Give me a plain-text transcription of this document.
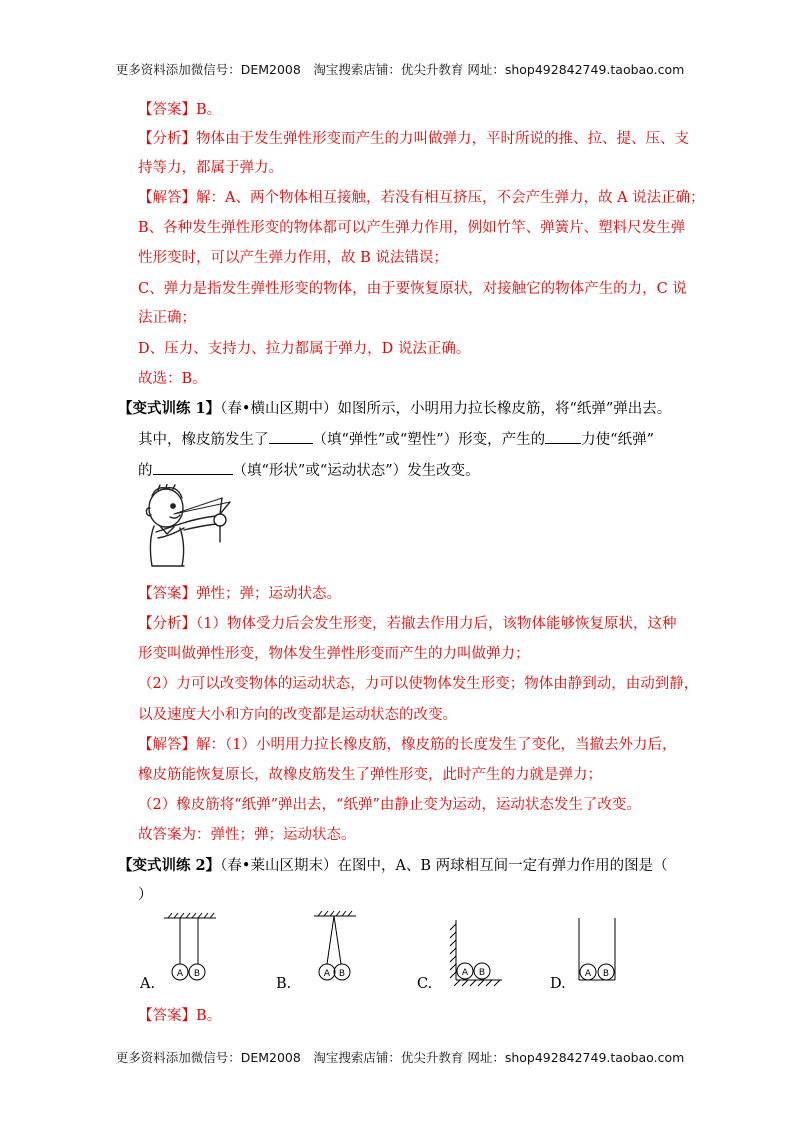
更多资料添加微信号：DEM2008　淘宝搜索店铺：优尖升教育 网址：shop492842749.taobao.com
【答案】B。
【分析】物体由于发生弹性形变而产生的力叫做弹力，平时所说的推、拉、提、压、支
持等力，都属于弹力。
【解答】解：A、两个物体相互接触，若没有相互挤压，不会产生弹力，故 A 说法正确；
B、各种发生弹性形变的物体都可以产生弹力作用，例如竹竿、弹簧片、塑料尺发生弹
性形变时，可以产生弹力作用，故 B 说法错误；
C、弹力是指发生弹性形变的物体，由于要恢复原状，对接触它的物体产生的力，C 说
法正确；
D、压力、支持力、拉力都属于弹力，D 说法正确。
故选：B。
【变式训练 1】（春•横山区期中）如图所示，小明用力拉长橡皮筋，将“纸弹”弹出去。
其中，橡皮筋发生了	（填“弹性”或“塑性”）形变，产生的 力使“纸弹”
的	（填“形状”或“运动状态”）发生改变。
【答案】弹性；弹；运动状态。
【分析】（1）物体受力后会发生形变，若撤去作用力后，该物体能够恢复原状，这种
形变叫做弹性形变，物体发生弹性形变而产生的力叫做弹力；
（2）力可以改变物体的运动状态，力可以使物体发生形变；物体由静到动，由动到静，
以及速度大小和方向的改变都是运动状态的改变。
【解答】解：（1）小明用力拉长橡皮筋，橡皮筋的长度发生了变化，当撤去外力后，
橡皮筋能恢复原长，故橡皮筋发生了弹性形变，此时产生的力就是弹力；
（2）橡皮筋将“纸弹”弹出去，“纸弹”由静止变为运动，运动状态发生了改变。
故答案为：弹性；弹；运动状态。
【变式训练 2】（春•莱山区期末）在图中，A、B 两球相互间一定有弹力作用的图是（
）
A B
A.
A B
B.
A B
C.
A B
D.
【答案】B。
更多资料添加微信号：DEM2008　淘宝搜索店铺：优尖升教育 网址：shop492842749.taobao.com
